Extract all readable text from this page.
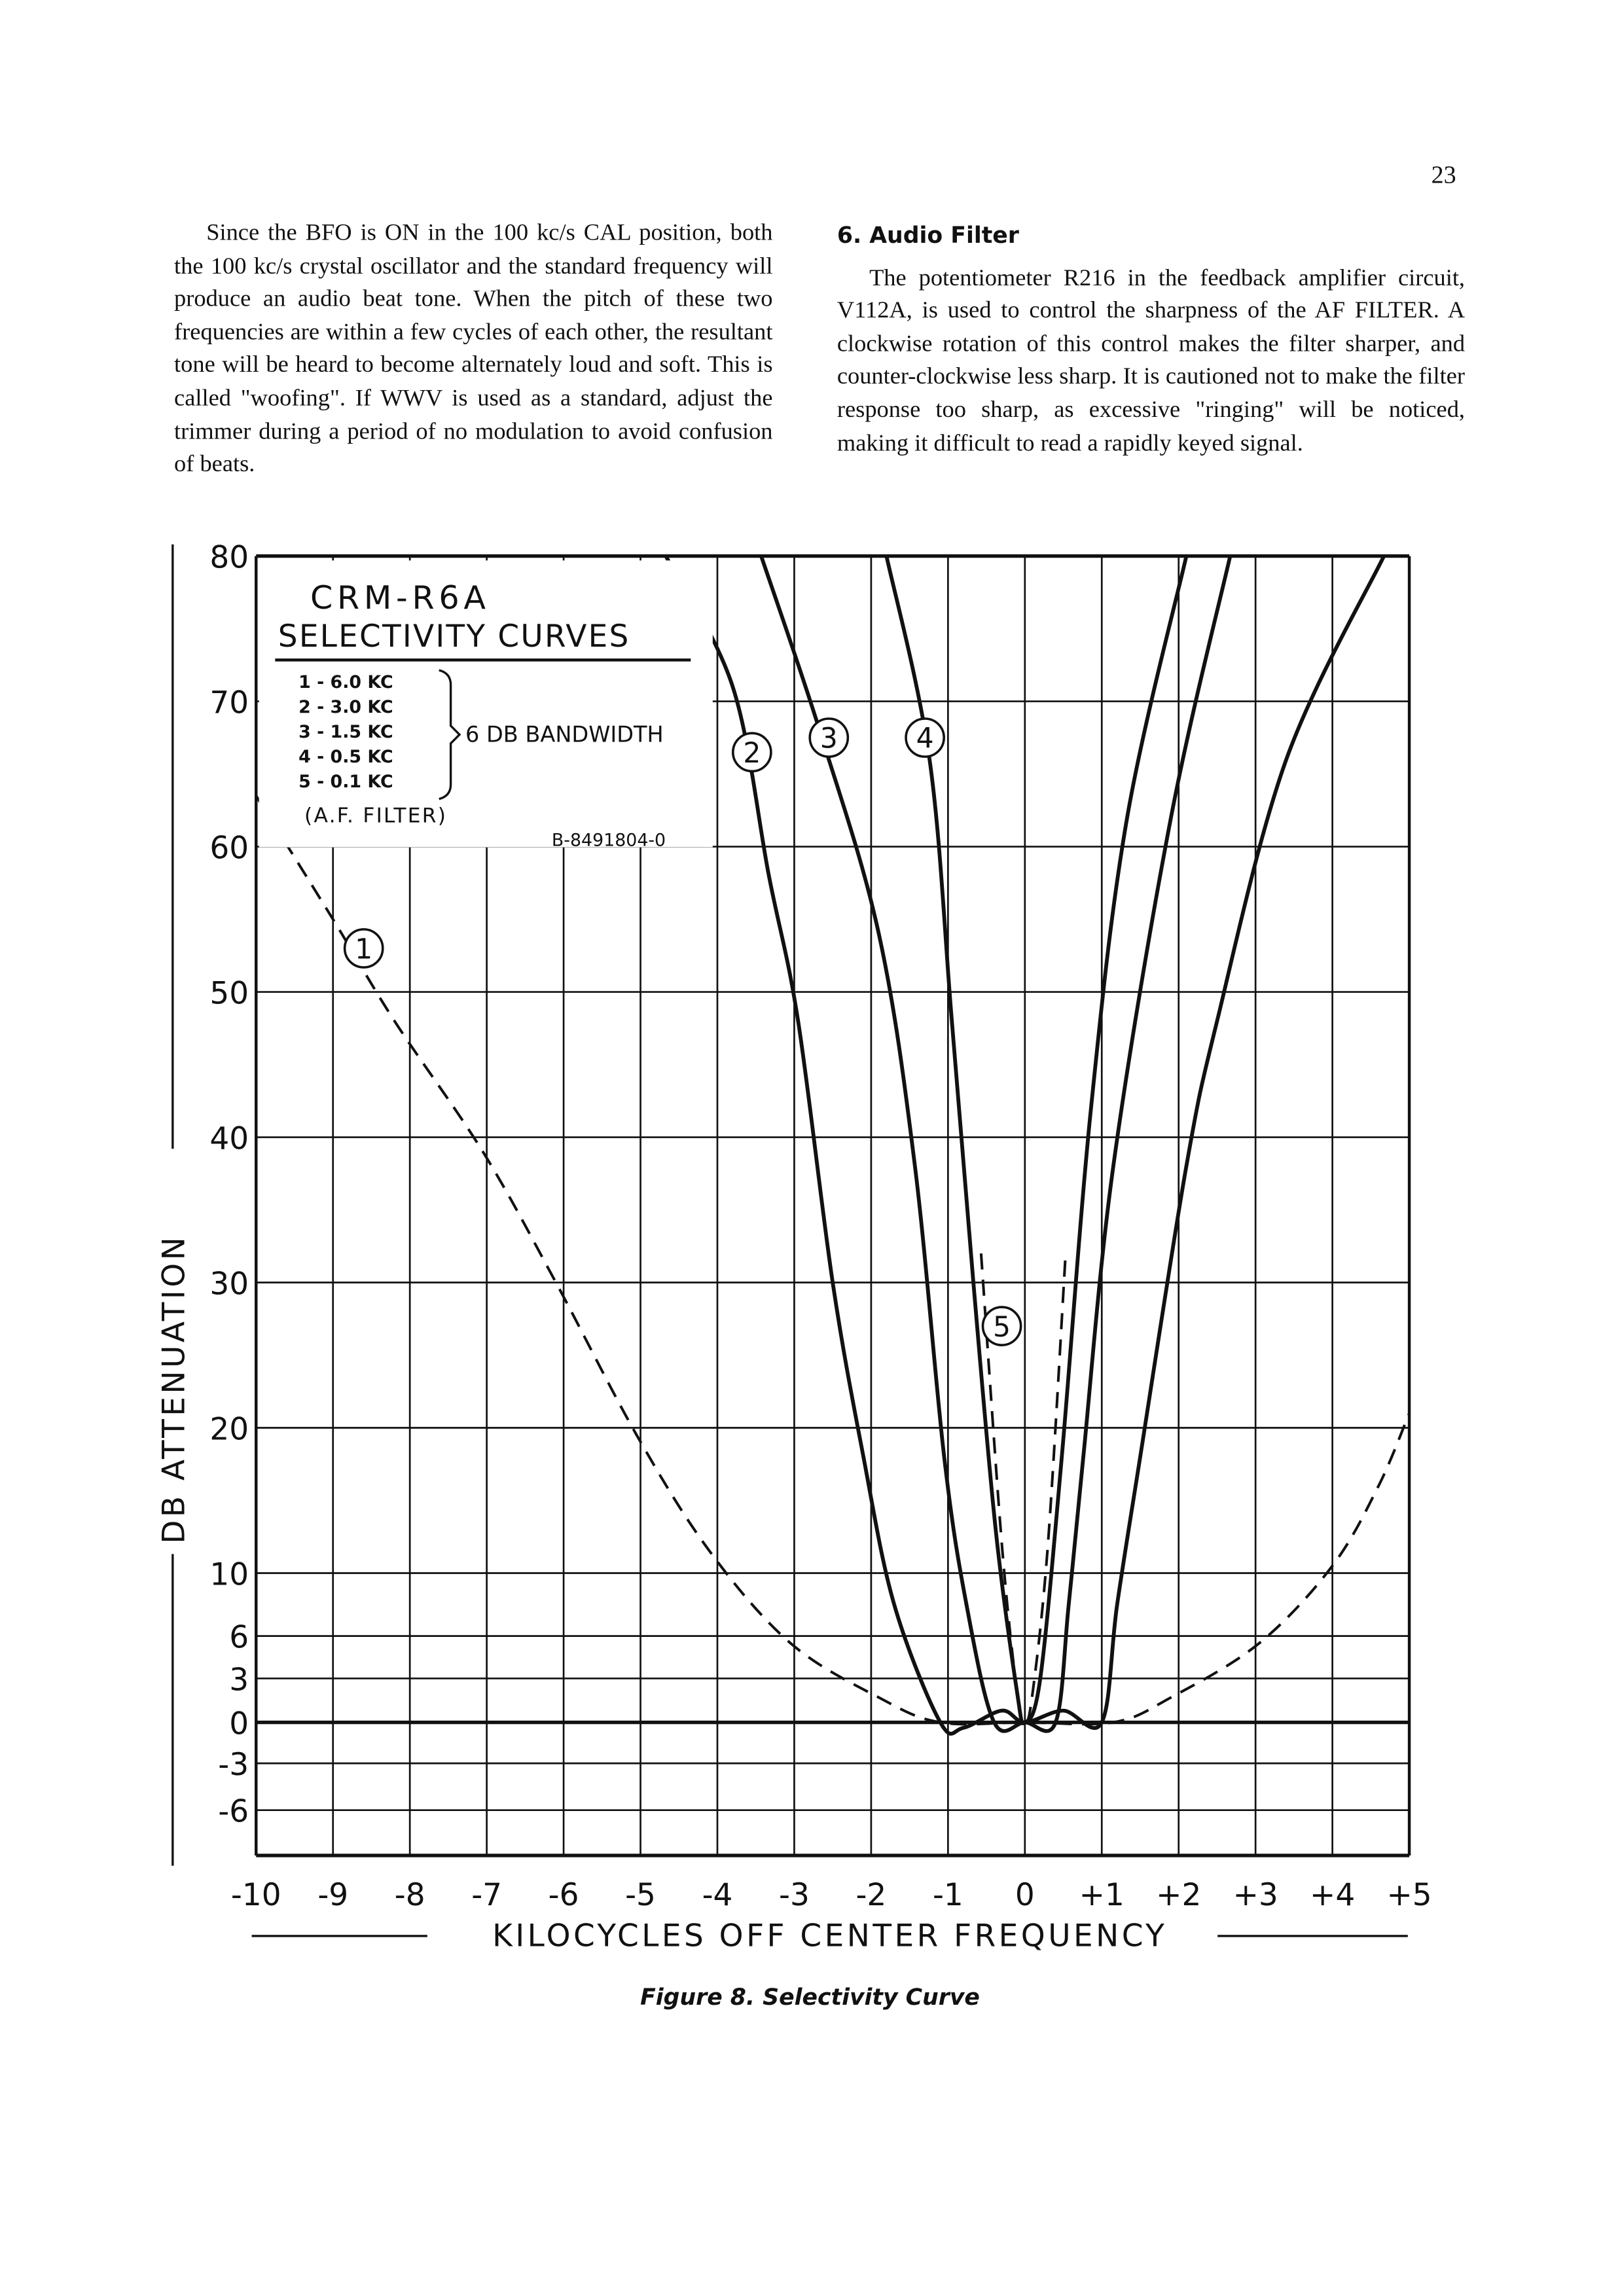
23

Since the BFO is ON in the 100 kc/s CAL position, both the 100 kc/s crystal oscillator and the standard frequency will produce an audio beat tone. When the pitch of these two frequencies are within a few cycles of each other, the resultant tone will be heard to become alternately loud and soft. This is called "woofing". If WWV is used as a standard, adjust the trimmer during a period of no modulation to avoid confusion of beats.

6. Audio Filter

The potentiometer R216 in the feedback amplifier circuit, V112A, is used to control the sharpness of the AF FILTER. A clockwise rotation of this control makes the filter sharper, and counter-clockwise less sharp. It is cautioned not to make the filter response too sharp, as excessive "ringing" will be noticed, making it difficult to read a rapidly keyed signal.

CRM-R6A
SELECTIVITY CURVES
1 - 6.0 KC
2 - 3.0 KC
3 - 1.5 KC
4 - 0.5 KC
5 - 0.1 KC
6 DB BANDWIDTH
(A.F. FILTER)
B-8491804-0
1
2	3	4
5
-10	-9	-8	-7	-6	-5	-4	-3	-2	-1	0	+1 +2 +3 +4 +5
80
70
60
50
40
30
20
10
6
3
0
-3
-6
KILOCYCLES OFF CENTER FREQUENCY
DB ATTENUATION
Figure 8. Selectivity Curve
